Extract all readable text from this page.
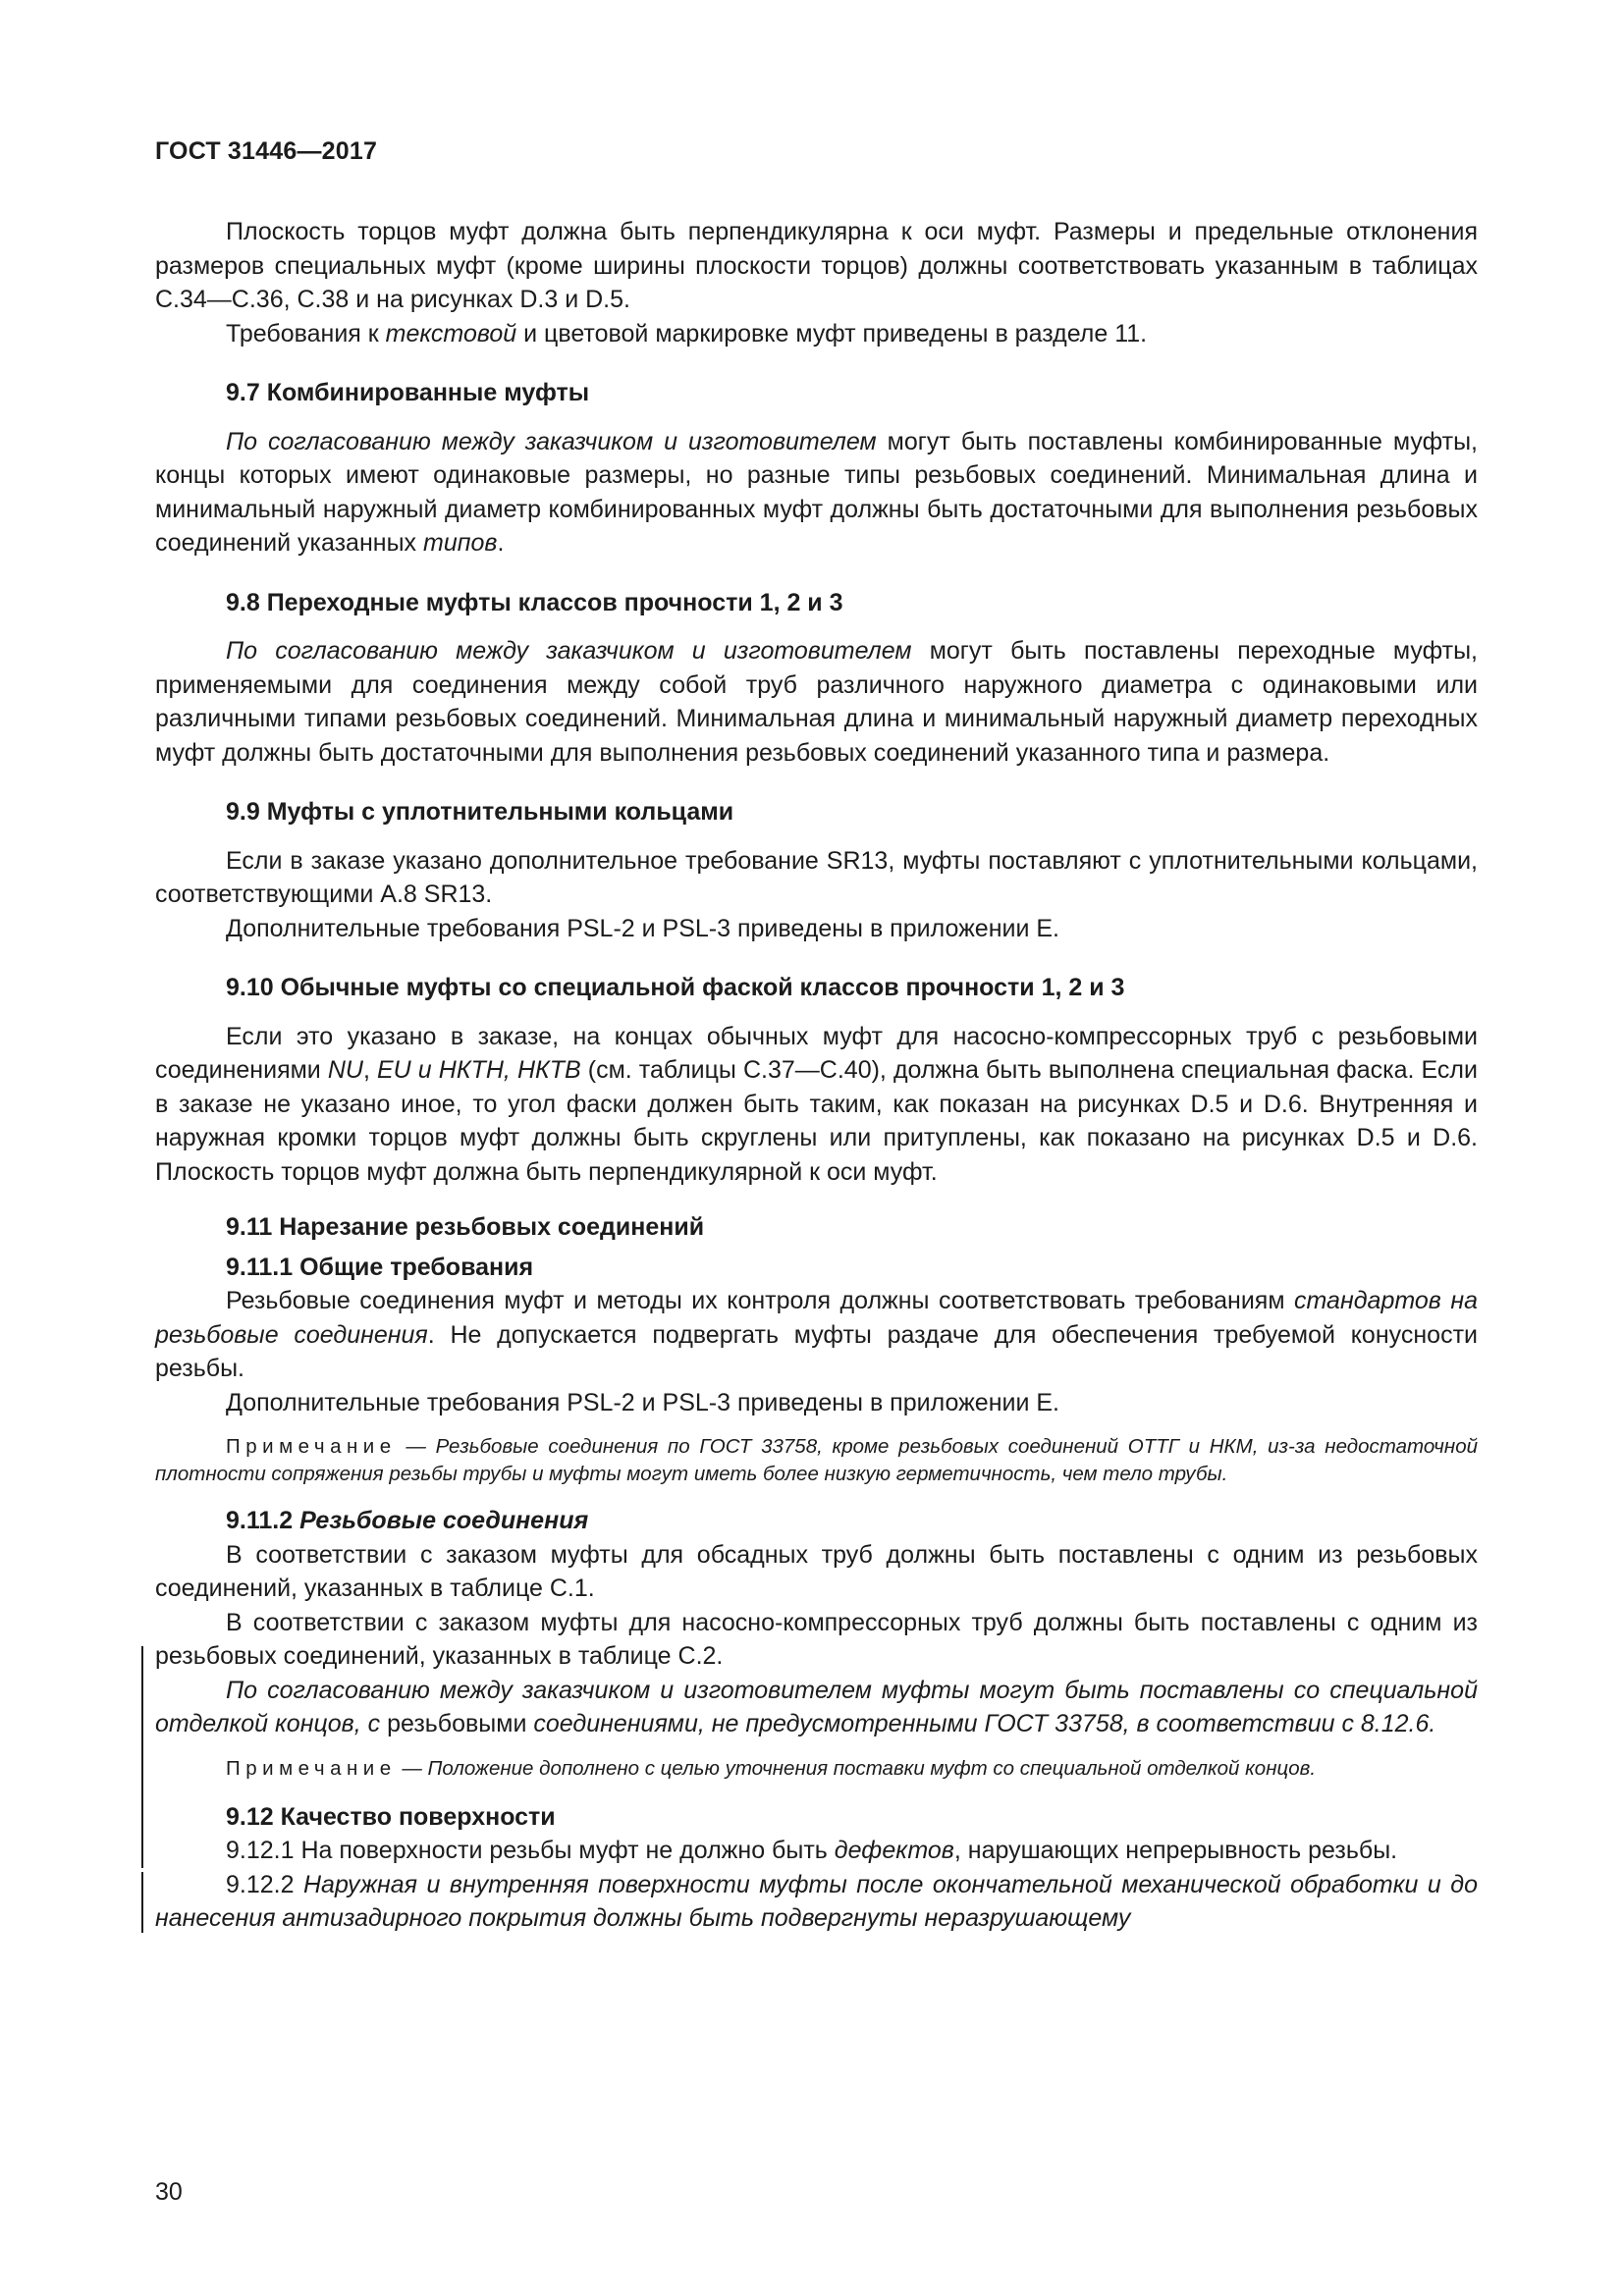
ГОСТ 31446—2017

Плоскость торцов муфт должна быть перпендикулярна к оси муфт. Размеры и предельные отклонения размеров специальных муфт (кроме ширины плоскости торцов) должны соответствовать указанным в таблицах С.34—С.36, С.38 и на рисунках D.3 и D.5.

Требования к текстовой и цветовой маркировке муфт приведены в разделе 11.

9.7 Комбинированные муфты

По согласованию между заказчиком и изготовителем могут быть поставлены комбинированные муфты, концы которых имеют одинаковые размеры, но разные типы резьбовых соединений. Минимальная длина и минимальный наружный диаметр комбинированных муфт должны быть достаточными для выполнения резьбовых соединений указанных типов.

9.8 Переходные муфты классов прочности 1, 2 и 3

По согласованию между заказчиком и изготовителем могут быть поставлены переходные муфты, применяемыми для соединения между собой труб различного наружного диаметра с одинаковыми или различными типами резьбовых соединений. Минимальная длина и минимальный наружный диаметр переходных муфт должны быть достаточными для выполнения резьбовых соединений указанного типа и размера.

9.9 Муфты с уплотнительными кольцами

Если в заказе указано дополнительное требование SR13, муфты поставляют с уплотнительными кольцами, соответствующими А.8 SR13.

Дополнительные требования PSL-2 и PSL-3 приведены в приложении Е.

9.10 Обычные муфты со специальной фаской классов прочности 1, 2 и 3

Если это указано в заказе, на концах обычных муфт для насосно-компрессорных труб с резьбовыми соединениями NU, EU и НКТН, НКТВ (см. таблицы С.37—С.40), должна быть выполнена специальная фаска. Если в заказе не указано иное, то угол фаски должен быть таким, как показан на рисунках D.5 и D.6. Внутренняя и наружная кромки торцов муфт должны быть скруглены или притуплены, как показано на рисунках D.5 и D.6. Плоскость торцов муфт должна быть перпендикулярной к оси муфт.

9.11 Нарезание резьбовых соединений
9.11.1 Общие требования

Резьбовые соединения муфт и методы их контроля должны соответствовать требованиям стандартов на резьбовые соединения. Не допускается подвергать муфты раздаче для обеспечения требуемой конусности резьбы.

Дополнительные требования PSL-2 и PSL-3 приведены в приложении Е.

Примечание — Резьбовые соединения по ГОСТ 33758, кроме резьбовых соединений ОТТГ и НКМ, из-за недостаточной плотности сопряжения резьбы трубы и муфты могут иметь более низкую герметичность, чем тело трубы.
9.11.2 Резьбовые соединения

В соответствии с заказом муфты для обсадных труб должны быть поставлены с одним из резьбовых соединений, указанных в таблице С.1.

В соответствии с заказом муфты для насосно-компрессорных труб должны быть поставлены с одним из резьбовых соединений, указанных в таблице С.2.

По согласованию между заказчиком и изготовителем муфты могут быть поставлены со специальной отделкой концов, с резьбовыми соединениями, не предусмотренными ГОСТ 33758, в соответствии с 8.12.6.

Примечание — Положение дополнено с целью уточнения поставки муфт со специальной отделкой концов.
9.12 Качество поверхности

9.12.1 На поверхности резьбы муфт не должно быть дефектов, нарушающих непрерывность резьбы.

9.12.2 Наружная и внутренняя поверхности муфты после окончательной механической обработки и до нанесения антизадирного покрытия должны быть подвергнуты неразрушающему

30
